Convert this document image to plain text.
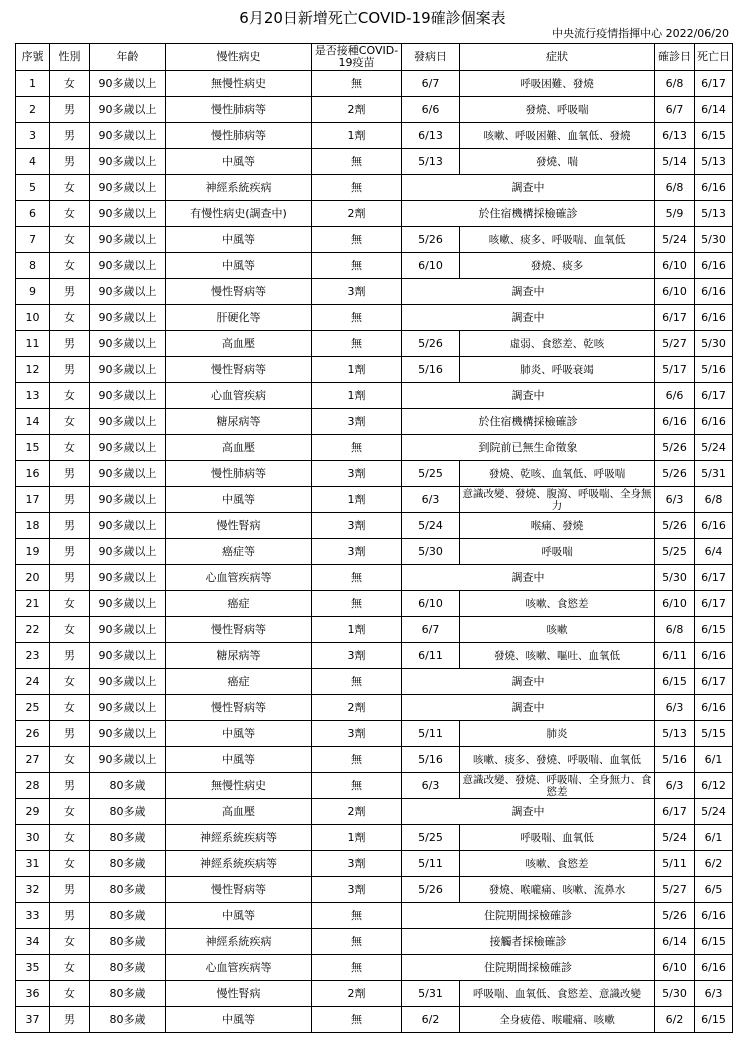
6月20日新增死亡COVID-19確診個案表
中央流行疫情指揮中心 2022/06/20
序號	性別	年齡	慢性病史	是否接種COVID-19疫苗	發病日	症狀	確診日	死亡日
1	女	90多歲以上	無慢性病史	無	6/7	呼吸困難、發燒	6/8	6/17
2	男	90多歲以上	慢性肺病等	2劑	6/6	發燒、呼吸喘	6/7	6/14
3	男	90多歲以上	慢性肺病等	1劑	6/13	咳嗽、呼吸困難、血氧低、發燒	6/13	6/15
4	男	90多歲以上	中風等	無	5/13	發燒、喘	5/14	5/13
5	女	90多歲以上	神經系統疾病	無	調查中		6/8	6/16
6	女	90多歲以上	有慢性病史(調查中)	2劑	於住宿機構採檢確診		5/9	5/13
7	女	90多歲以上	中風等	無	5/26	咳嗽、痰多、呼吸喘、血氧低	5/24	5/30
8	女	90多歲以上	中風等	無	6/10	發燒、痰多	6/10	6/16
9	男	90多歲以上	慢性腎病等	3劑	調查中		6/10	6/16
10	女	90多歲以上	肝硬化等	無	調查中		6/17	6/16
11	男	90多歲以上	高血壓	無	5/26	虛弱、食慾差、乾咳	5/27	5/30
12	男	90多歲以上	慢性腎病等	1劑	5/16	肺炎、呼吸衰竭	5/17	5/16
13	女	90多歲以上	心血管疾病	1劑	調查中		6/6	6/17
14	女	90多歲以上	糖尿病等	3劑	於住宿機構採檢確診		6/16	6/16
15	女	90多歲以上	高血壓	無	到院前已無生命徵象		5/26	5/24
16	男	90多歲以上	慢性肺病等	3劑	5/25	發燒、乾咳、血氧低、呼吸喘	5/26	5/31
17	男	90多歲以上	中風等	1劑	6/3	意識改變、發燒、腹瀉、呼吸喘、全身無力	6/3	6/8
18	男	90多歲以上	慢性腎病	3劑	5/24	喉痛、發燒	5/26	6/16
19	男	90多歲以上	癌症等	3劑	5/30	呼吸喘	5/25	6/4
20	男	90多歲以上	心血管疾病等	無	調查中		5/30	6/17
21	女	90多歲以上	癌症	無	6/10	咳嗽、食慾差	6/10	6/17
22	女	90多歲以上	慢性腎病等	1劑	6/7	咳嗽	6/8	6/15
23	男	90多歲以上	糖尿病等	3劑	6/11	發燒、咳嗽、嘔吐、血氧低	6/11	6/16
24	女	90多歲以上	癌症	無	調查中		6/15	6/17
25	女	90多歲以上	慢性腎病等	2劑	調查中		6/3	6/16
26	男	90多歲以上	中風等	3劑	5/11	肺炎	5/13	5/15
27	女	90多歲以上	中風等	無	5/16	咳嗽、痰多、發燒、呼吸喘、血氧低	5/16	6/1
28	男	80多歲	無慢性病史	無	6/3	意識改變、發燒、呼吸喘、全身無力、食慾差	6/3	6/12
29	女	80多歲	高血壓	2劑	調查中		6/17	5/24
30	女	80多歲	神經系統疾病等	1劑	5/25	呼吸喘、血氧低	5/24	6/1
31	女	80多歲	神經系統疾病等	3劑	5/11	咳嗽、食慾差	5/11	6/2
32	男	80多歲	慢性腎病等	3劑	5/26	發燒、喉嚨痛、咳嗽、流鼻水	5/27	6/5
33	男	80多歲	中風等	無	住院期間採檢確診		5/26	6/16
34	女	80多歲	神經系統疾病	無	接觸者採檢確診		6/14	6/15
35	女	80多歲	心血管疾病等	無	住院期間採檢確診		6/10	6/16
36	女	80多歲	慢性腎病	2劑	5/31	呼吸喘、血氧低、食慾差、意識改變	5/30	6/3
37	男	80多歲	中風等	無	6/2	全身疲倦、喉嚨痛、咳嗽	6/2	6/15
